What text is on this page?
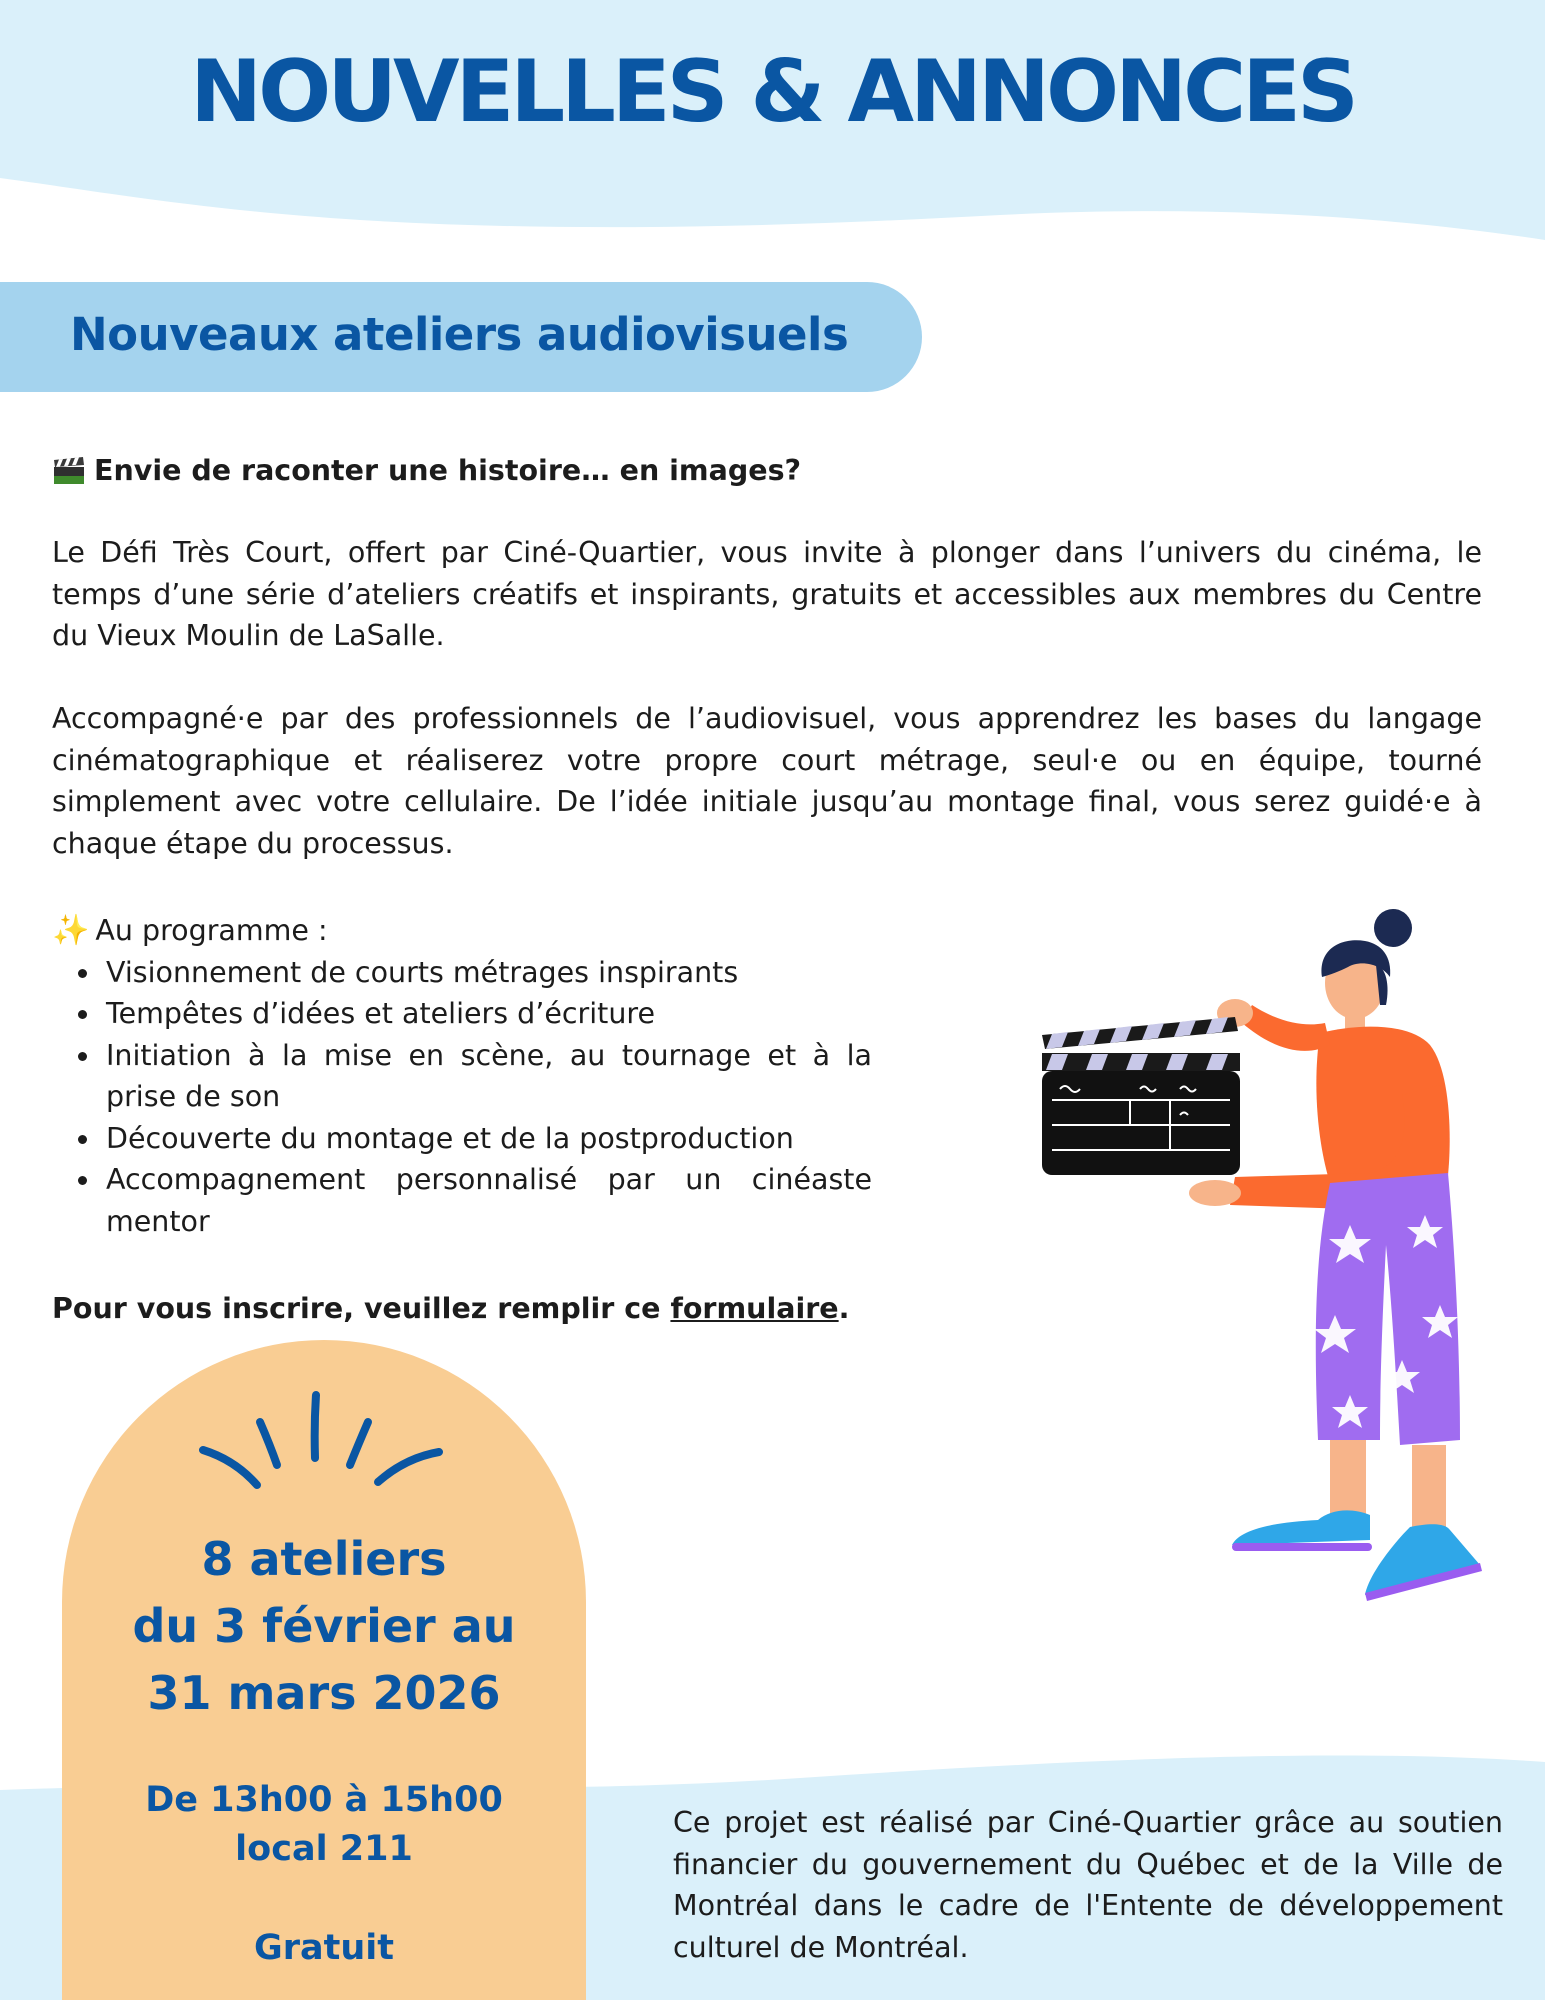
NOUVELLES & ANNONCES
Nouveaux ateliers audiovisuels
Envie de raconter une histoire… en images?

Le Défi Très Court, offert par Ciné-Quartier, vous invite à plonger dans l’univers du cinéma, le temps d’une série d’ateliers créatifs et inspirants, gratuits et accessibles aux membres du Centre du Vieux Moulin de LaSalle.

Accompagné·e par des professionnels de l’audiovisuel, vous apprendrez les bases du langage cinématographique et réaliserez votre propre court métrage, seul·e ou en équipe, tourné simplement avec votre cellulaire. De l’idée initiale jusqu’au montage final, vous serez guidé·e à chaque étape du processus.

✨ Au programme :
• Visionnement de courts métrages inspirants
• Tempêtes d’idées et ateliers d’écriture
• Initiation à la mise en scène, au tournage et à la prise de son
• Découverte du montage et de la postproduction
• Accompagnement personnalisé par un cinéaste mentor

Pour vous inscrire, veuillez remplir ce formulaire.

8 ateliers
du 3 février au
31 mars 2026
De 13h00 à 15h00
local 211
Gratuit

Ce projet est réalisé par Ciné-Quartier grâce au soutien financier du gouvernement du Québec et de la Ville de Montréal dans le cadre de l'Entente de développement culturel de Montréal.
